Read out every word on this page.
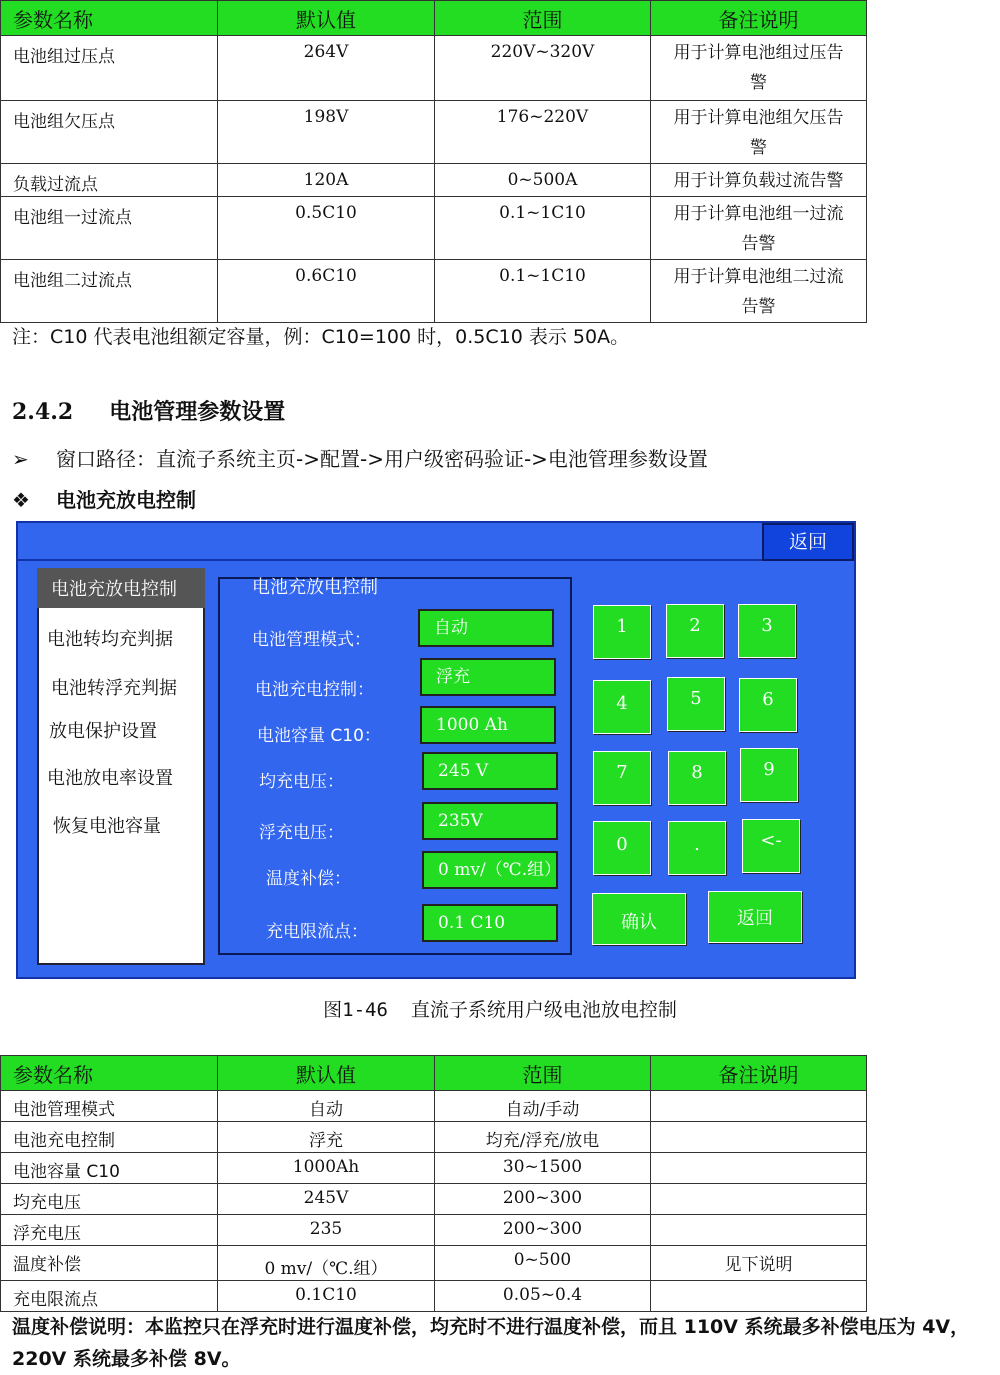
参数名称	默认值	范围	备注说明
电池组过压点	264V	220V~320V	用于计算电池组过压告
警
电池组欠压点	198V	176~220V	用于计算电池组欠压告
警
负载过流点	120A	0~500A	用于计算负载过流告警
电池组一过流点	0.5C10	0.1~1C10	用于计算电池组一过流
告警
电池组二过流点	0.6C10	0.1~1C10	用于计算电池组二过流
告警
注：C10 代表电池组额定容量，例：C10=100 时，0.5C10 表示 50A。
2.4.2 电池管理参数设置
➢ 窗口路径：直流子系统主页->配置->用户级密码验证->电池管理参数设置
❖ 电池充放电控制
返回
电池充放电控制
电池转均充判据
电池转浮充判据
放电保护设置
电池放电率设置
恢复电池容量
电池充放电控制
电池管理模式：
自动
电池充电控制：
浮充
电池容量 C10：
1000 Ah
均充电压：
245 V
浮充电压：
235V
温度补偿：	0 mv/（℃.组）
充电限流点：	0.1 C10
1	2	3
4	5	6
7	8	9
0	.	<-
确认	返回
图1-46 直流子系统用户级电池放电控制
参数名称	默认值	范围	备注说明
电池管理模式	自动	自动/手动	
电池充电控制	浮充	均充/浮充/放电	
电池容量 C10	1000Ah	30~1500	
均充电压	245V	200~300	
浮充电压	235	200~300	
温度补偿	0 mv/（℃.组）	0~500	见下说明
充电限流点	0.1C10	0.05~0.4	
温度补偿说明：本监控只在浮充时进行温度补偿，均充时不进行温度补偿，而且 110V 系统最多补偿电压为 4V，220V 系统最多补偿 8V。
